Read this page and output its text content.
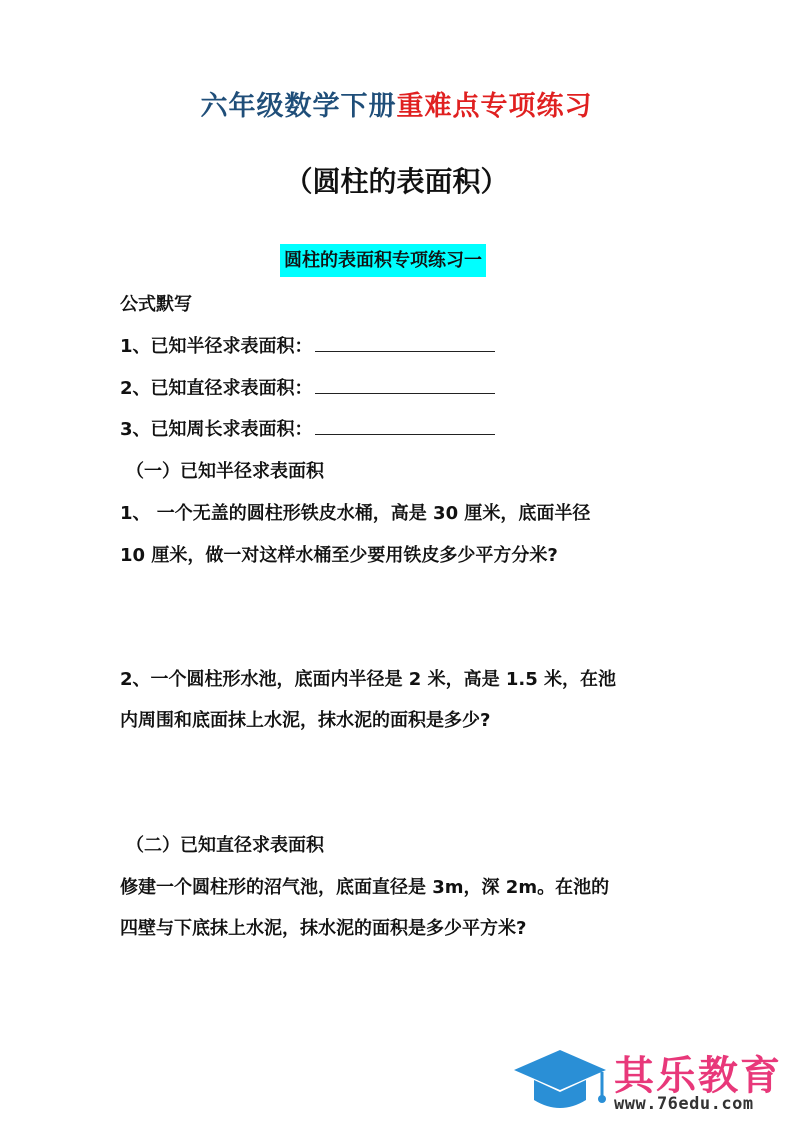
六年级数学下册重难点专项练习
（圆柱的表面积）
圆柱的表面积专项练习一
公式默写
1、已知半径求表面积：
2、已知直径求表面积：
3、已知周长求表面积：
（一）已知半径求表面积
1、 一个无盖的圆柱形铁皮水桶，高是 30 厘米，底面半径
10 厘米，做一对这样水桶至少要用铁皮多少平方分米?
2、一个圆柱形水池，底面内半径是 2 米，高是 1.5 米，在池
内周围和底面抹上水泥，抹水泥的面积是多少?
（二）已知直径求表面积
修建一个圆柱形的沼气池，底面直径是 3m，深 2m。在池的
四壁与下底抹上水泥，抹水泥的面积是多少平方米?
其乐教育
www.76edu.com
